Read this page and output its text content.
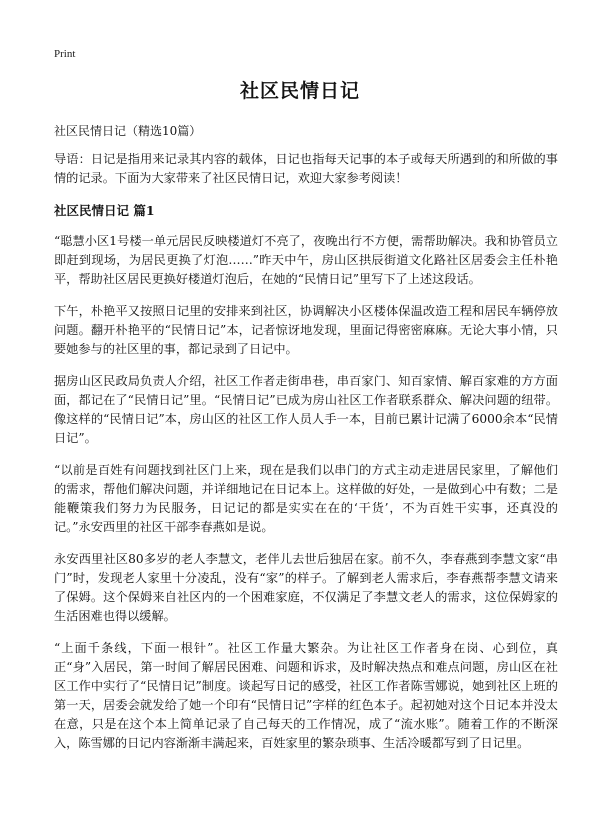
Print
社区民情日记
社区民情日记（精选10篇）

导语：日记是指用来记录其内容的载体，日记也指每天记事的本子或每天所遇到的和所做的事情的记录。下面为大家带来了社区民情日记，欢迎大家参考阅读！

社区民情日记 篇1

“聪慧小区1号楼一单元居民反映楼道灯不亮了，夜晚出行不方便，需帮助解决。我和协管员立即赶到现场，为居民更换了灯泡……”昨天中午，房山区拱辰街道文化路社区居委会主任朴艳平，帮助社区居民更换好楼道灯泡后，在她的“民情日记”里写下了上述这段话。

下午，朴艳平又按照日记里的安排来到社区，协调解决小区楼体保温改造工程和居民车辆停放问题。翻开朴艳平的“民情日记”本，记者惊讶地发现，里面记得密密麻麻。无论大事小情，只要她参与的社区里的事，都记录到了日记中。

据房山区民政局负责人介绍，社区工作者走街串巷，串百家门、知百家情、解百家难的方方面面，都记在了“民情日记”里。“民情日记”已成为房山社区工作者联系群众、解决问题的纽带。像这样的“民情日记”本，房山区的社区工作人员人手一本，目前已累计记满了6000余本“民情日记”。

“以前是百姓有问题找到社区门上来，现在是我们以串门的方式主动走进居民家里，了解他们的需求，帮他们解决问题，并详细地记在日记本上。这样做的好处，一是做到心中有数；二是能鞭策我们努力为民服务，日记记的都是实实在在的‘干货’，不为百姓干实事，还真没的记。”永安西里的社区干部李春燕如是说。

永安西里社区80多岁的老人李慧文，老伴儿去世后独居在家。前不久，李春燕到李慧文家“串门”时，发现老人家里十分凌乱，没有“家”的样子。了解到老人需求后，李春燕帮李慧文请来了保姆。这个保姆来自社区内的一个困难家庭，不仅满足了李慧文老人的需求，这位保姆家的生活困难也得以缓解。

“上面千条线，下面一根针”。社区工作量大繁杂。为让社区工作者身在岗、心到位，真正“身”入居民，第一时间了解居民困难、问题和诉求，及时解决热点和难点问题，房山区在社区工作中实行了“民情日记”制度。谈起写日记的感受，社区工作者陈雪娜说，她到社区上班的第一天，居委会就发给了她一个印有“民情日记”字样的红色本子。起初她对这个日记本并没太在意，只是在这个本上简单记录了自己每天的工作情况，成了“流水账”。随着工作的不断深入，陈雪娜的日记内容渐渐丰满起来，百姓家里的繁杂琐事、生活冷暖都写到了日记里。
